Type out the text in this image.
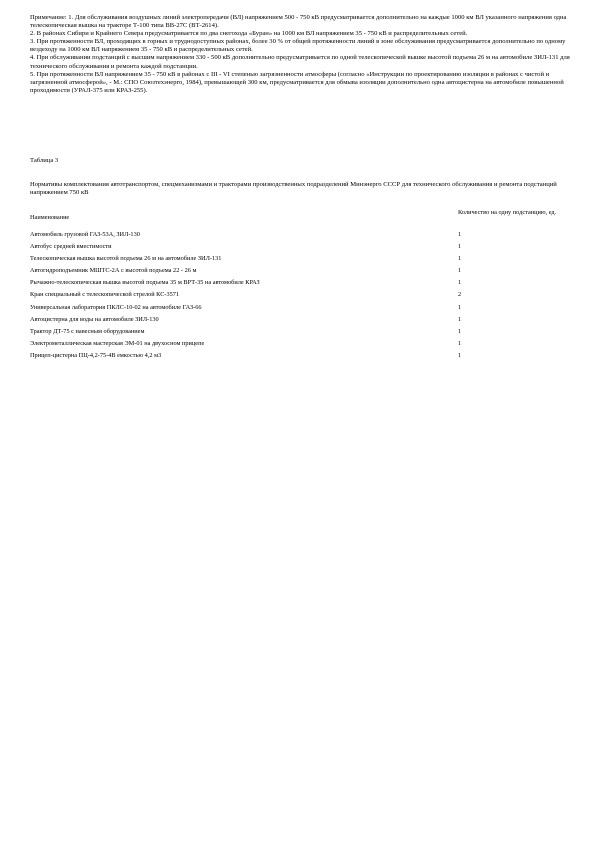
Примечание: 1. Для обслуживания воздушных линий электропередачи (ВЛ) напряжением 500 - 750 кВ предусматривается дополнительно на каждые 1000 км ВЛ указанного напряжения одна телескопическая вышка на тракторе Т-100 типа ВВ-27С (ВТ-2614).

2. В районах Сибири и Крайнего Севера предусматривается по два снегохода «Буран» на 1000 км ВЛ напряжением 35 - 750 кВ и распределительных сетей.

3. При протяженности ВЛ, проходящих в горных и труднодоступных районах, более 30 % от общей протяженности линий в зоне обслуживания предусматривается дополнительно по одному вездеходу на 1000 км ВЛ напряжением 35 - 750 кВ и распределительных сетей.

4. При обслуживании подстанций с высшим напряжением 330 - 500 кВ дополнительно предусматривается по одной телескопической вышке высотой подъема 26 м на автомобиле ЗИЛ-131 для технического обслуживания и ремонта каждой подстанции.

5. При протяженности ВЛ напряжением 35 - 750 кВ в районах с III - VI степенью загрязненности атмосферы (согласно «Инструкции по проектированию изоляции в районах с чистой и загрязненной атмосферой», - М.: СПО Союзтехэнерго, 1984), превышающей 300 км, предусматривается для обмыва изоляции дополнительно одна автоцистерна на автомобиле повышенной проходимости (УРАЛ-375 или КРАЗ-255).

Таблица 3
Нормативы комплектования автотранспортом, спецмеханизмами и тракторами производственных подразделений Минэнерго СССР для технического обслуживания и ремонта подстанций напряжением 750 кВ
Наименование	Количество на одну подстанцию, ед.
Автомобиль грузовой ГАЗ-53А, ЗИЛ-130	1
Автобус средней вместимости	1
Телескопическая вышка высотой подъема 26 м на автомобиле ЗИЛ-131	1
Автогидроподъемник МШТС-2А с высотой подъема 22 - 26 м	1
Рычажно-телескопическая вышка высотой подъема 35 м ВРТ-35 на автомобиле КРАЗ	1
Кран специальный с телескопической стрелой КС-3571	2
Универсальная лаборатория ПКЛС-10-02 на автомобиле ГАЗ-66	1
Автоцистерна для воды на автомобиле ЗИЛ-130	1
Трактор ДТ-75 с навесным оборудованием	1
Электрометаллическая мастерская ЭМ-01 на двухосном прицепе	1
Прицеп-цистерна ПЦ-4,2-75-4В емкостью 4,2 м3	1
